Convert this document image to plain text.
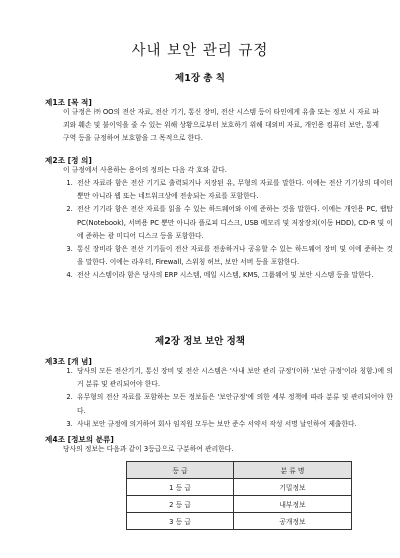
사내 보안 관리 규정
제1장 총 칙
제1조 [목 적]
이 규정은 ㈜ OO의 전산 자료, 전산 기기, 통신 장비, 전산 시스템 등이 타인에게 유출 또는 정보 시 자료 파괴와 훼손 및 불이익을 줄 수 있는 위해 상황으로부터 보호하기 위해 대외비 자료, 개인용 컴퓨터 보안, 통제 구역 등을 규정하여 보호함을 그 목적으로 한다.
제2조 [정 의]
이 규정에서 사용하는 용어의 정의는 다음 각 호와 같다.
1. 전산 자료라 함은 전산 기기로 출력되거나 저장된 유, 무형의 자료를 말한다. 이에는 전산 기기상의 데이터뿐만 아니라 웹 또는 네트워크상에 전송되는 자료를 포함한다.
2. 전산 기기라 함은 전산 자료를 읽을 수 있는 하드웨어와 이에 준하는 것을 말한다. 이에는 개인용 PC, 랩탑 PC(Notebook), 서버용 PC 뿐만 아니라 플로피 디스크, USB 메모리 및 저장장치(이동 HDD), CD-R 및 이에 준하는 광 미디어 디스크 등을 포함한다.
3. 통신 장비라 함은 전산 기기들이 전산 자료를 전송하거나 공유할 수 있는 하드웨어 장비 및 이에 준하는 것을 말한다. 이에는 라우터, Firewall, 스위칭 허브, 보안 서버 등을 포함한다.
4. 전산 시스템이라 함은 당사의 ERP 시스템, 메일 시스템, KMS, 그룹웨어 및 보안 시스템 등을 말한다.
제2장 정보 보안 정책
제3조 [개 념]
1. 당사의 모든 전산기기, 통신 장비 및 전산 시스템은 '사내 보안 관리 규정'(이하 '보안 규정'이라 칭함.)에 의거 분류 및 관리되어야 한다.
2. 유무형의 전산 자료를 포함하는 모든 정보들은 '보안규정'에 의한 세부 정책에 따라 분류 및 관리되어야 한다.
3. 사내 보안 규정에 의거하여 회사 임직원 모두는 보안 준수 서약서 작성 서명 날인하여 제출한다.
제4조 [정보의 분류]
당사의 정보는 다음과 같이 3등급으로 구분하여 관리한다.
등 급	분 류 명
1 등 급	기밀정보
2 등 급	내부정보
3 등 급	공개정보
